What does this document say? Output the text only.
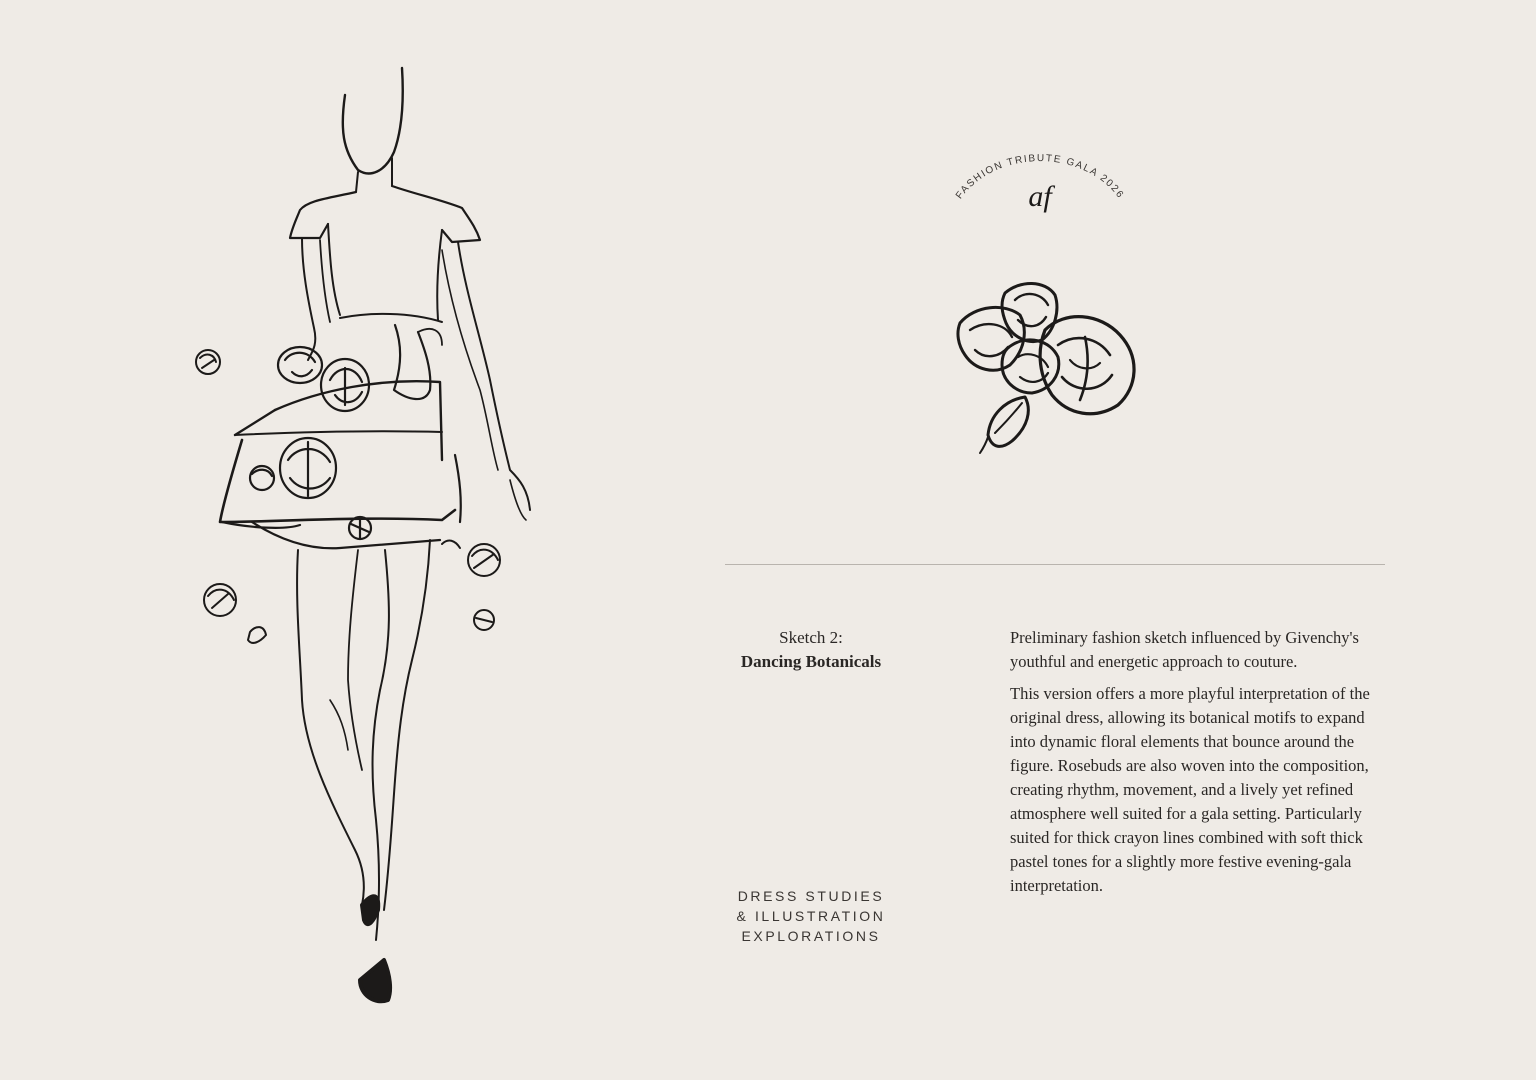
FASHION TRIBUTE GALA 2026
af
Sketch 2:
Dancing Botanicals

Preliminary fashion sketch influenced by Givenchy's youthful and energetic approach to couture.

This version offers a more playful interpretation of the original dress, allowing its botanical motifs to expand into dynamic floral elements that bounce around the figure. Rosebuds are also woven into the composition, creating rhythm, movement, and a lively yet refined atmosphere well suited for a gala setting. Particularly suited for thick crayon lines combined with soft thick pastel tones for a slightly more festive evening-gala interpretation.

DRESS STUDIES
& ILLUSTRATION
EXPLORATIONS
